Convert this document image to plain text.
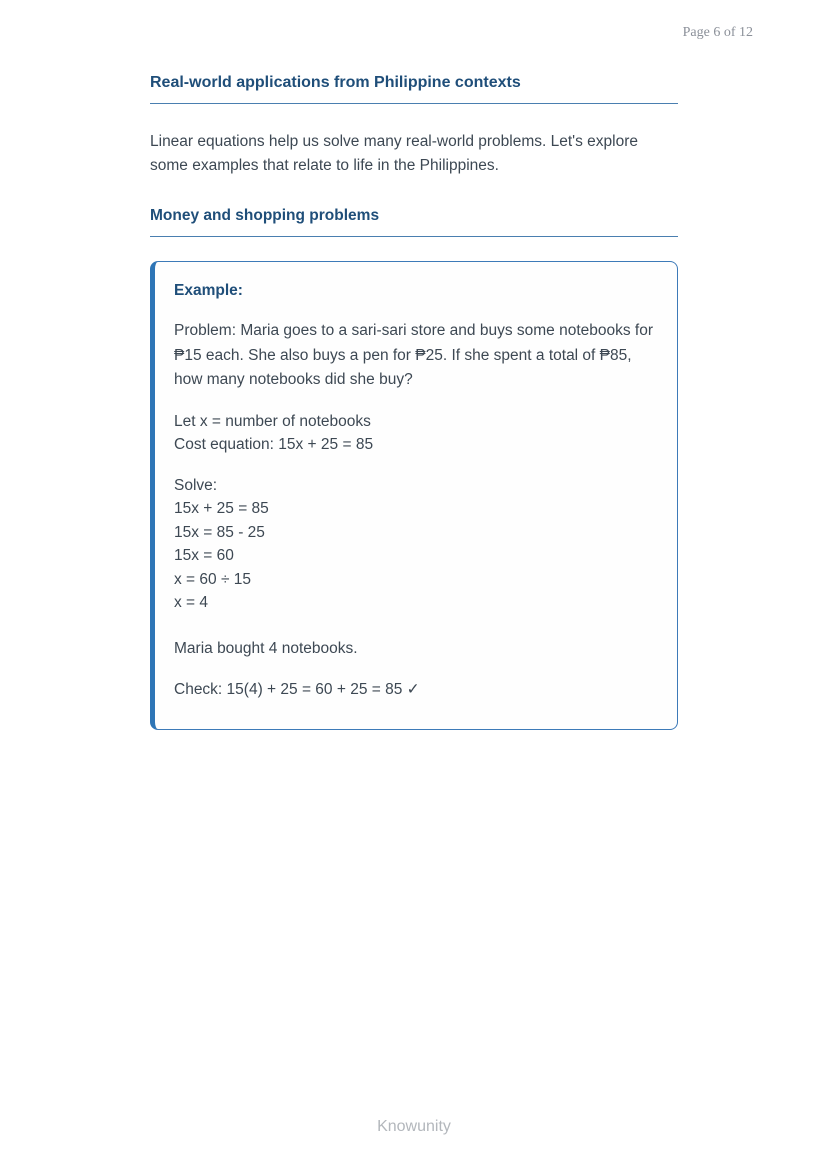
Page 6 of 12
Real-world applications from Philippine contexts

Linear equations help us solve many real-world problems. Let's explore some examples that relate to life in the Philippines.

Money and shopping problems
Example:

Problem: Maria goes to a sari-sari store and buys some notebooks for ₱15 each. She also buys a pen for ₱25. If she spent a total of ₱85, how many notebooks did she buy?

Let x = number of notebooks
Cost equation: 15x + 25 = 85
Solve:
15x + 25 = 85
15x = 85 - 25
15x = 60
x = 60 ÷ 15
x = 4

Maria bought 4 notebooks.

Check: 15(4) + 25 = 60 + 25 = 85 ✓

Knowunity
